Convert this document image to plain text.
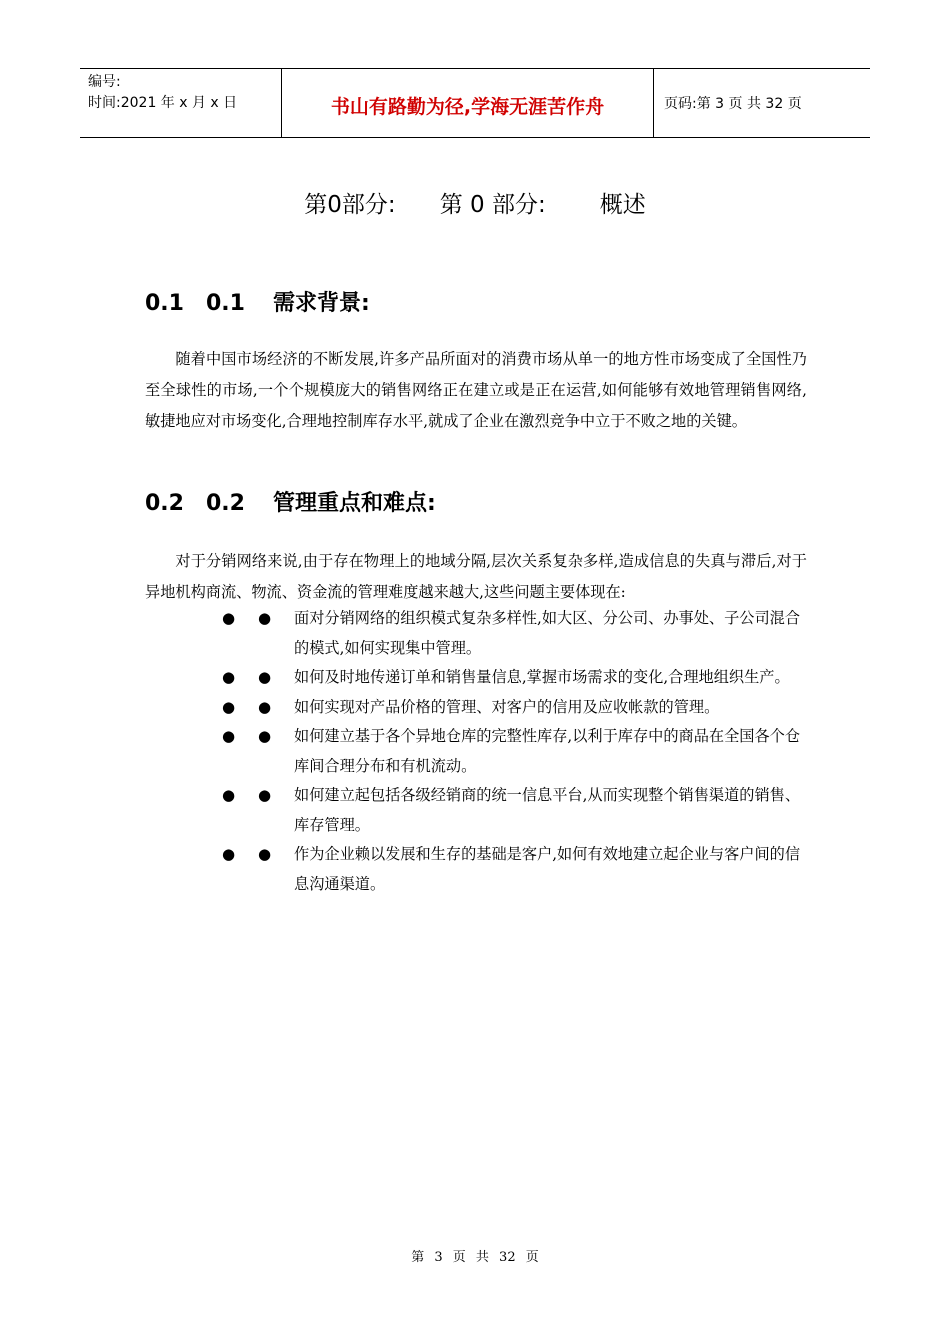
编号:
时间:2021 年 x 月 x 日	书山有路勤为径,学海无涯苦作舟	页码:第 3 页 共 32 页
第0部分: 第 0 部分: 概述
0.1 0.1 需求背景:
随着中国市场经济的不断发展,许多产品所面对的消费市场从单一的地方性市场变成了全国性乃至全球性的市场,一个个规模庞大的销售网络正在建立或是正在运营,如何能够有效地管理销售网络,敏捷地应对市场变化,合理地控制库存水平,就成了企业在激烈竞争中立于不败之地的关键。
0.2 0.2 管理重点和难点:
对于分销网络来说,由于存在物理上的地域分隔,层次关系复杂多样,造成信息的失真与滞后,对于异地机构商流、物流、资金流的管理难度越来越大,这些问题主要体现在:
● ●	面对分销网络的组织模式复杂多样性,如大区、分公司、办事处、子公司混合的模式,如何实现集中管理。
● ●	如何及时地传递订单和销售量信息,掌握市场需求的变化,合理地组织生产。
● ●	如何实现对产品价格的管理、对客户的信用及应收帐款的管理。
● ●	如何建立基于各个异地仓库的完整性库存,以利于库存中的商品在全国各个仓库间合理分布和有机流动。
● ●	如何建立起包括各级经销商的统一信息平台,从而实现整个销售渠道的销售、库存管理。
● ●	作为企业赖以发展和生存的基础是客户,如何有效地建立起企业与客户间的信息沟通渠道。
第 3 页 共 32 页
